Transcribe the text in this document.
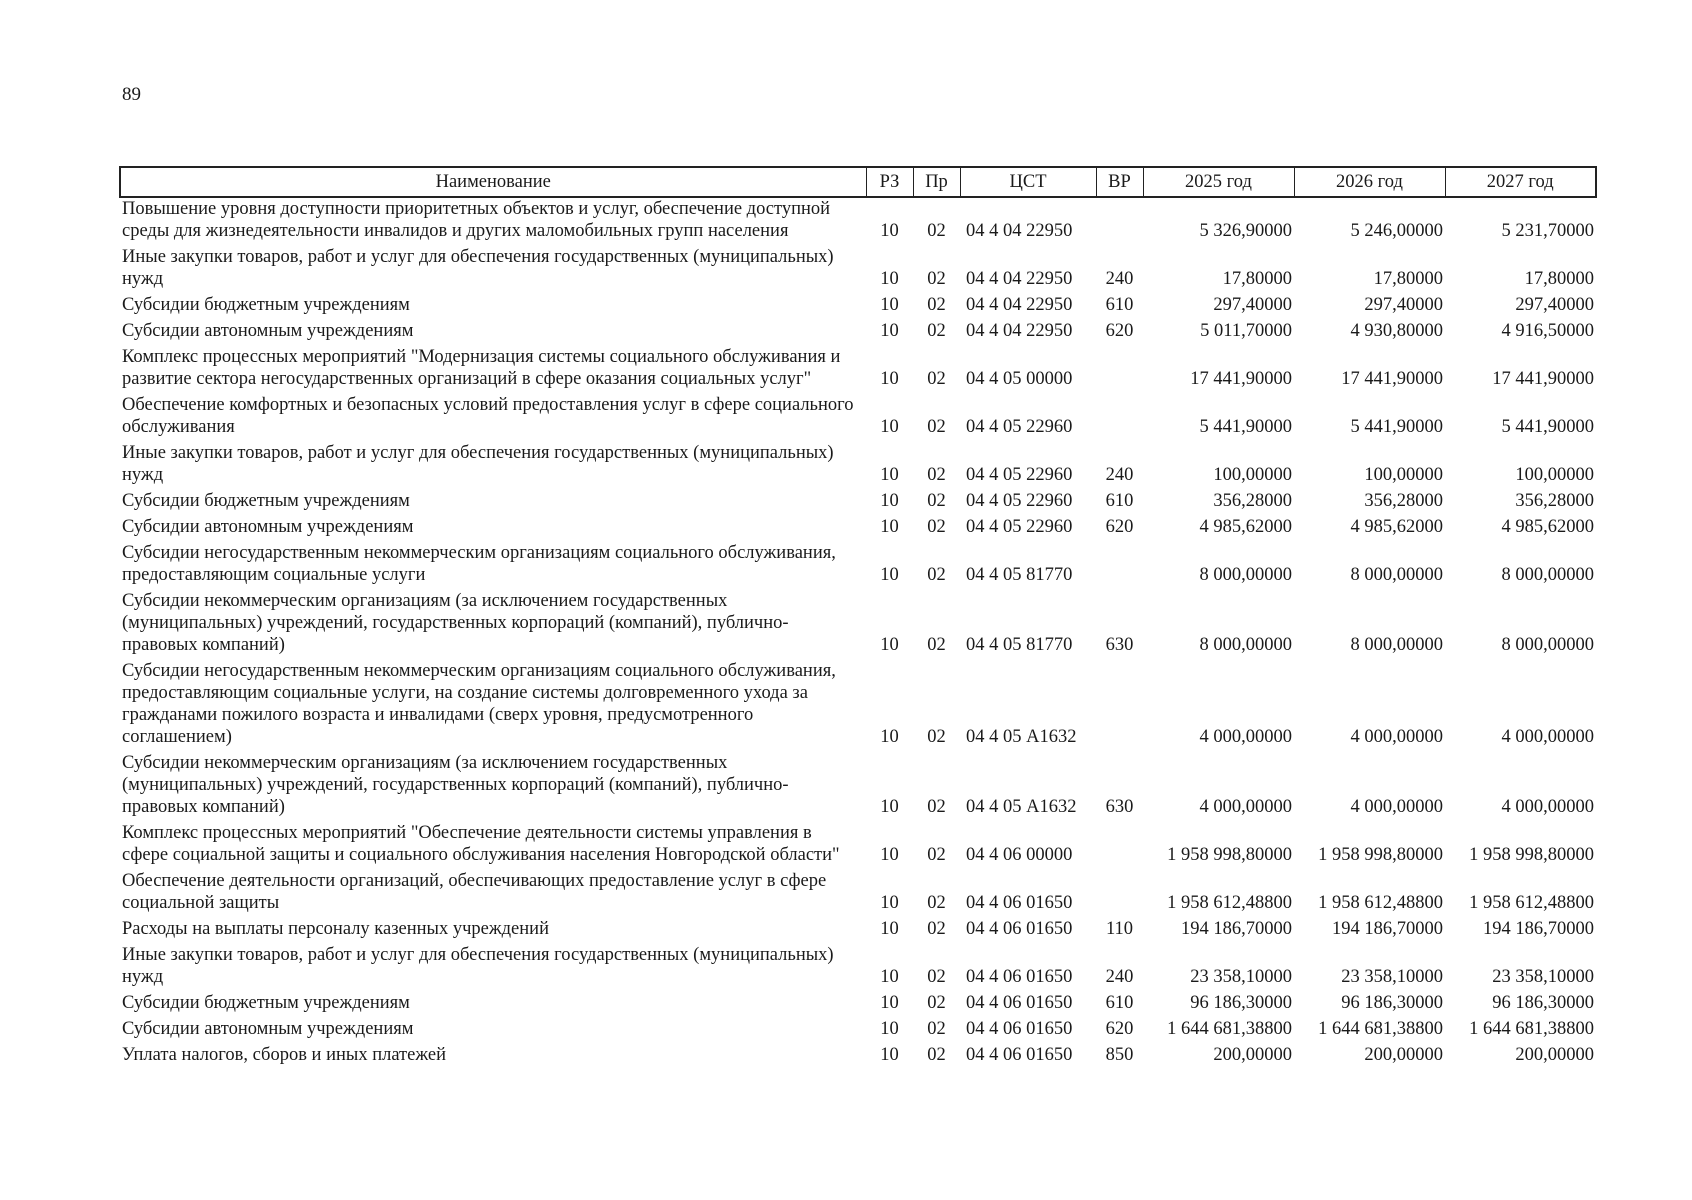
89
Наименование	РЗ	Пр	ЦСТ	ВР	2025 год	2026 год	2027 год
Повышение уровня доступности приоритетных объектов и услуг, обеспечение доступной среды для жизнедеятельности инвалидов и других маломобильных групп населения	10	02	04 4 04 22950		5 326,90000	5 246,00000	5 231,70000
Иные закупки товаров, работ и услуг для обеспечения государственных (муниципальных) нужд	10	02	04 4 04 22950	240	17,80000	17,80000	17,80000
Субсидии бюджетным учреждениям	10	02	04 4 04 22950	610	297,40000	297,40000	297,40000
Субсидии автономным учреждениям	10	02	04 4 04 22950	620	5 011,70000	4 930,80000	4 916,50000
Комплекс процессных мероприятий "Модернизация системы социального обслуживания и развитие сектора негосударственных организаций в сфере оказания социальных услуг"	10	02	04 4 05 00000		17 441,90000	17 441,90000	17 441,90000
Обеспечение комфортных и безопасных условий предоставления услуг в сфере социального обслуживания	10	02	04 4 05 22960		5 441,90000	5 441,90000	5 441,90000
Иные закупки товаров, работ и услуг для обеспечения государственных (муниципальных) нужд	10	02	04 4 05 22960	240	100,00000	100,00000	100,00000
Субсидии бюджетным учреждениям	10	02	04 4 05 22960	610	356,28000	356,28000	356,28000
Субсидии автономным учреждениям	10	02	04 4 05 22960	620	4 985,62000	4 985,62000	4 985,62000
Субсидии негосударственным некоммерческим организациям социального обслуживания, предоставляющим социальные услуги	10	02	04 4 05 81770		8 000,00000	8 000,00000	8 000,00000
Субсидии некоммерческим организациям (за исключением государственных (муниципальных) учреждений, государственных корпораций (компаний), публично-правовых компаний)	10	02	04 4 05 81770	630	8 000,00000	8 000,00000	8 000,00000
Субсидии негосударственным некоммерческим организациям социального обслуживания, предоставляющим социальные услуги, на создание системы долговременного ухода за гражданами пожилого возраста и инвалидами (сверх уровня, предусмотренного соглашением)	10	02	04 4 05 А1632		4 000,00000	4 000,00000	4 000,00000
Субсидии некоммерческим организациям (за исключением государственных (муниципальных) учреждений, государственных корпораций (компаний), публично-правовых компаний)	10	02	04 4 05 А1632	630	4 000,00000	4 000,00000	4 000,00000
Комплекс процессных мероприятий "Обеспечение деятельности системы управления в сфере социальной защиты и социального обслуживания населения Новгородской области"	10	02	04 4 06 00000		1 958 998,80000	1 958 998,80000	1 958 998,80000
Обеспечение деятельности организаций, обеспечивающих предоставление услуг в сфере социальной защиты	10	02	04 4 06 01650		1 958 612,48800	1 958 612,48800	1 958 612,48800
Расходы на выплаты персоналу казенных учреждений	10	02	04 4 06 01650	110	194 186,70000	194 186,70000	194 186,70000
Иные закупки товаров, работ и услуг для обеспечения государственных (муниципальных) нужд	10	02	04 4 06 01650	240	23 358,10000	23 358,10000	23 358,10000
Субсидии бюджетным учреждениям	10	02	04 4 06 01650	610	96 186,30000	96 186,30000	96 186,30000
Субсидии автономным учреждениям	10	02	04 4 06 01650	620	1 644 681,38800	1 644 681,38800	1 644 681,38800
Уплата налогов, сборов и иных платежей	10	02	04 4 06 01650	850	200,00000	200,00000	200,00000
